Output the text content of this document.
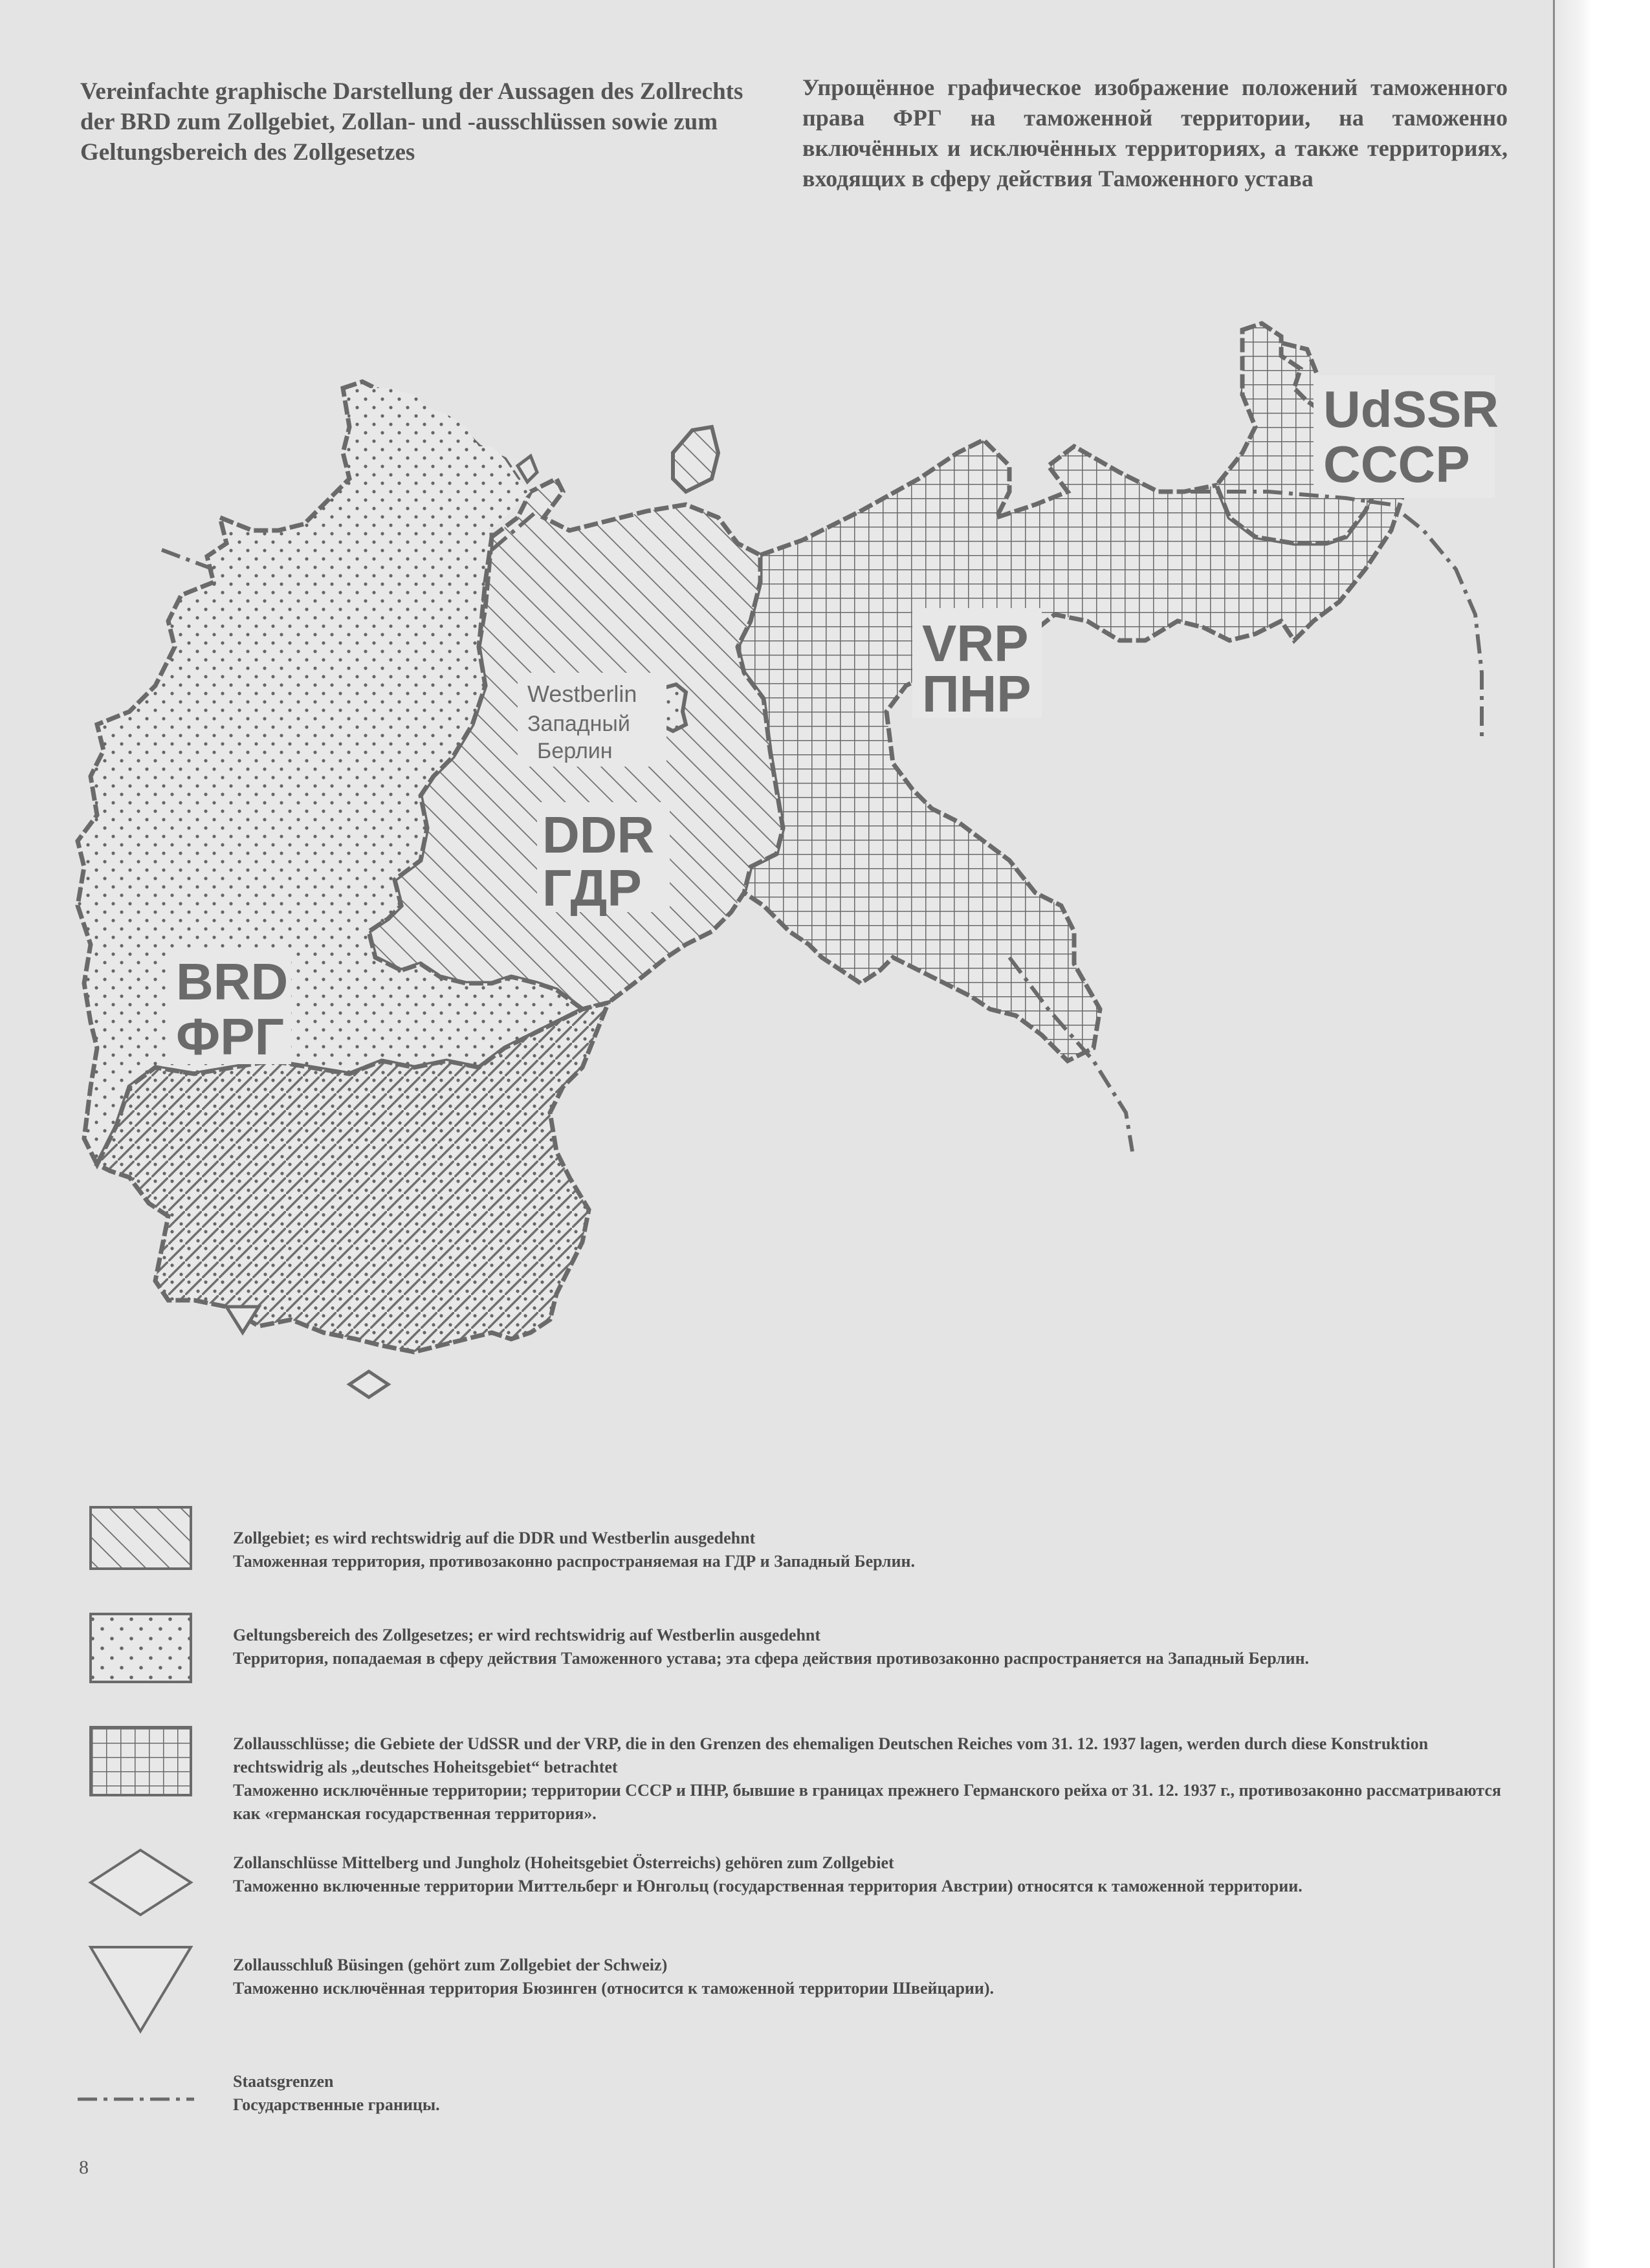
Vereinfachte graphische Darstellung der Aussagen des Zollrechts der BRD zum Zollgebiet, Zollan- und -ausschlüssen sowie zum Geltungsbereich des Zollgesetzes
Упрощённое графическое изображение положений таможенного права ФРГ на таможенной территории, на таможенно включённых и исключённых территориях, а также территориях, входящих в сферу действия Таможенного устава
Westberlin
Западный
Берлин
DDR
ГДР
BRD
ФРГ
VRP
ПНР
UdSSR
СССР
Zollgebiet; es wird rechtswidrig auf die DDR und Westberlin ausgedehnt
Таможенная территория, противозаконно распространяемая на ГДР и Западный Берлин.
Geltungsbereich des Zollgesetzes; er wird rechtswidrig auf Westberlin ausgedehnt
Территория, попадаемая в сферу действия Таможенного устава; эта сфера действия противозаконно распространяется на Западный Берлин.
Zollausschlüsse; die Gebiete der UdSSR und der VRP, die in den Grenzen des ehemaligen Deutschen Reiches vom 31. 12. 1937 lagen, werden durch diese Konstruktion rechtswidrig als „deutsches Hoheitsgebiet“ betrachtet
Таможенно исключённые территории; территории СССР и ПНР, бывшие в границах прежнего Германского рейха от 31. 12. 1937 г., противозаконно рассматриваются как «германская государственная территория».
Zollanschlüsse Mittelberg und Jungholz (Hoheitsgebiet Österreichs) gehören zum Zollgebiet
Таможенно включенные территории Миттельберг и Юнгольц (государственная территория Австрии) относятся к таможенной территории.
Zollausschluß Büsingen (gehört zum Zollgebiet der Schweiz)
Таможенно исключённая территория Бюзинген (относится к таможенной территории Швейцарии).
Staatsgrenzen
Государственные границы.
8
